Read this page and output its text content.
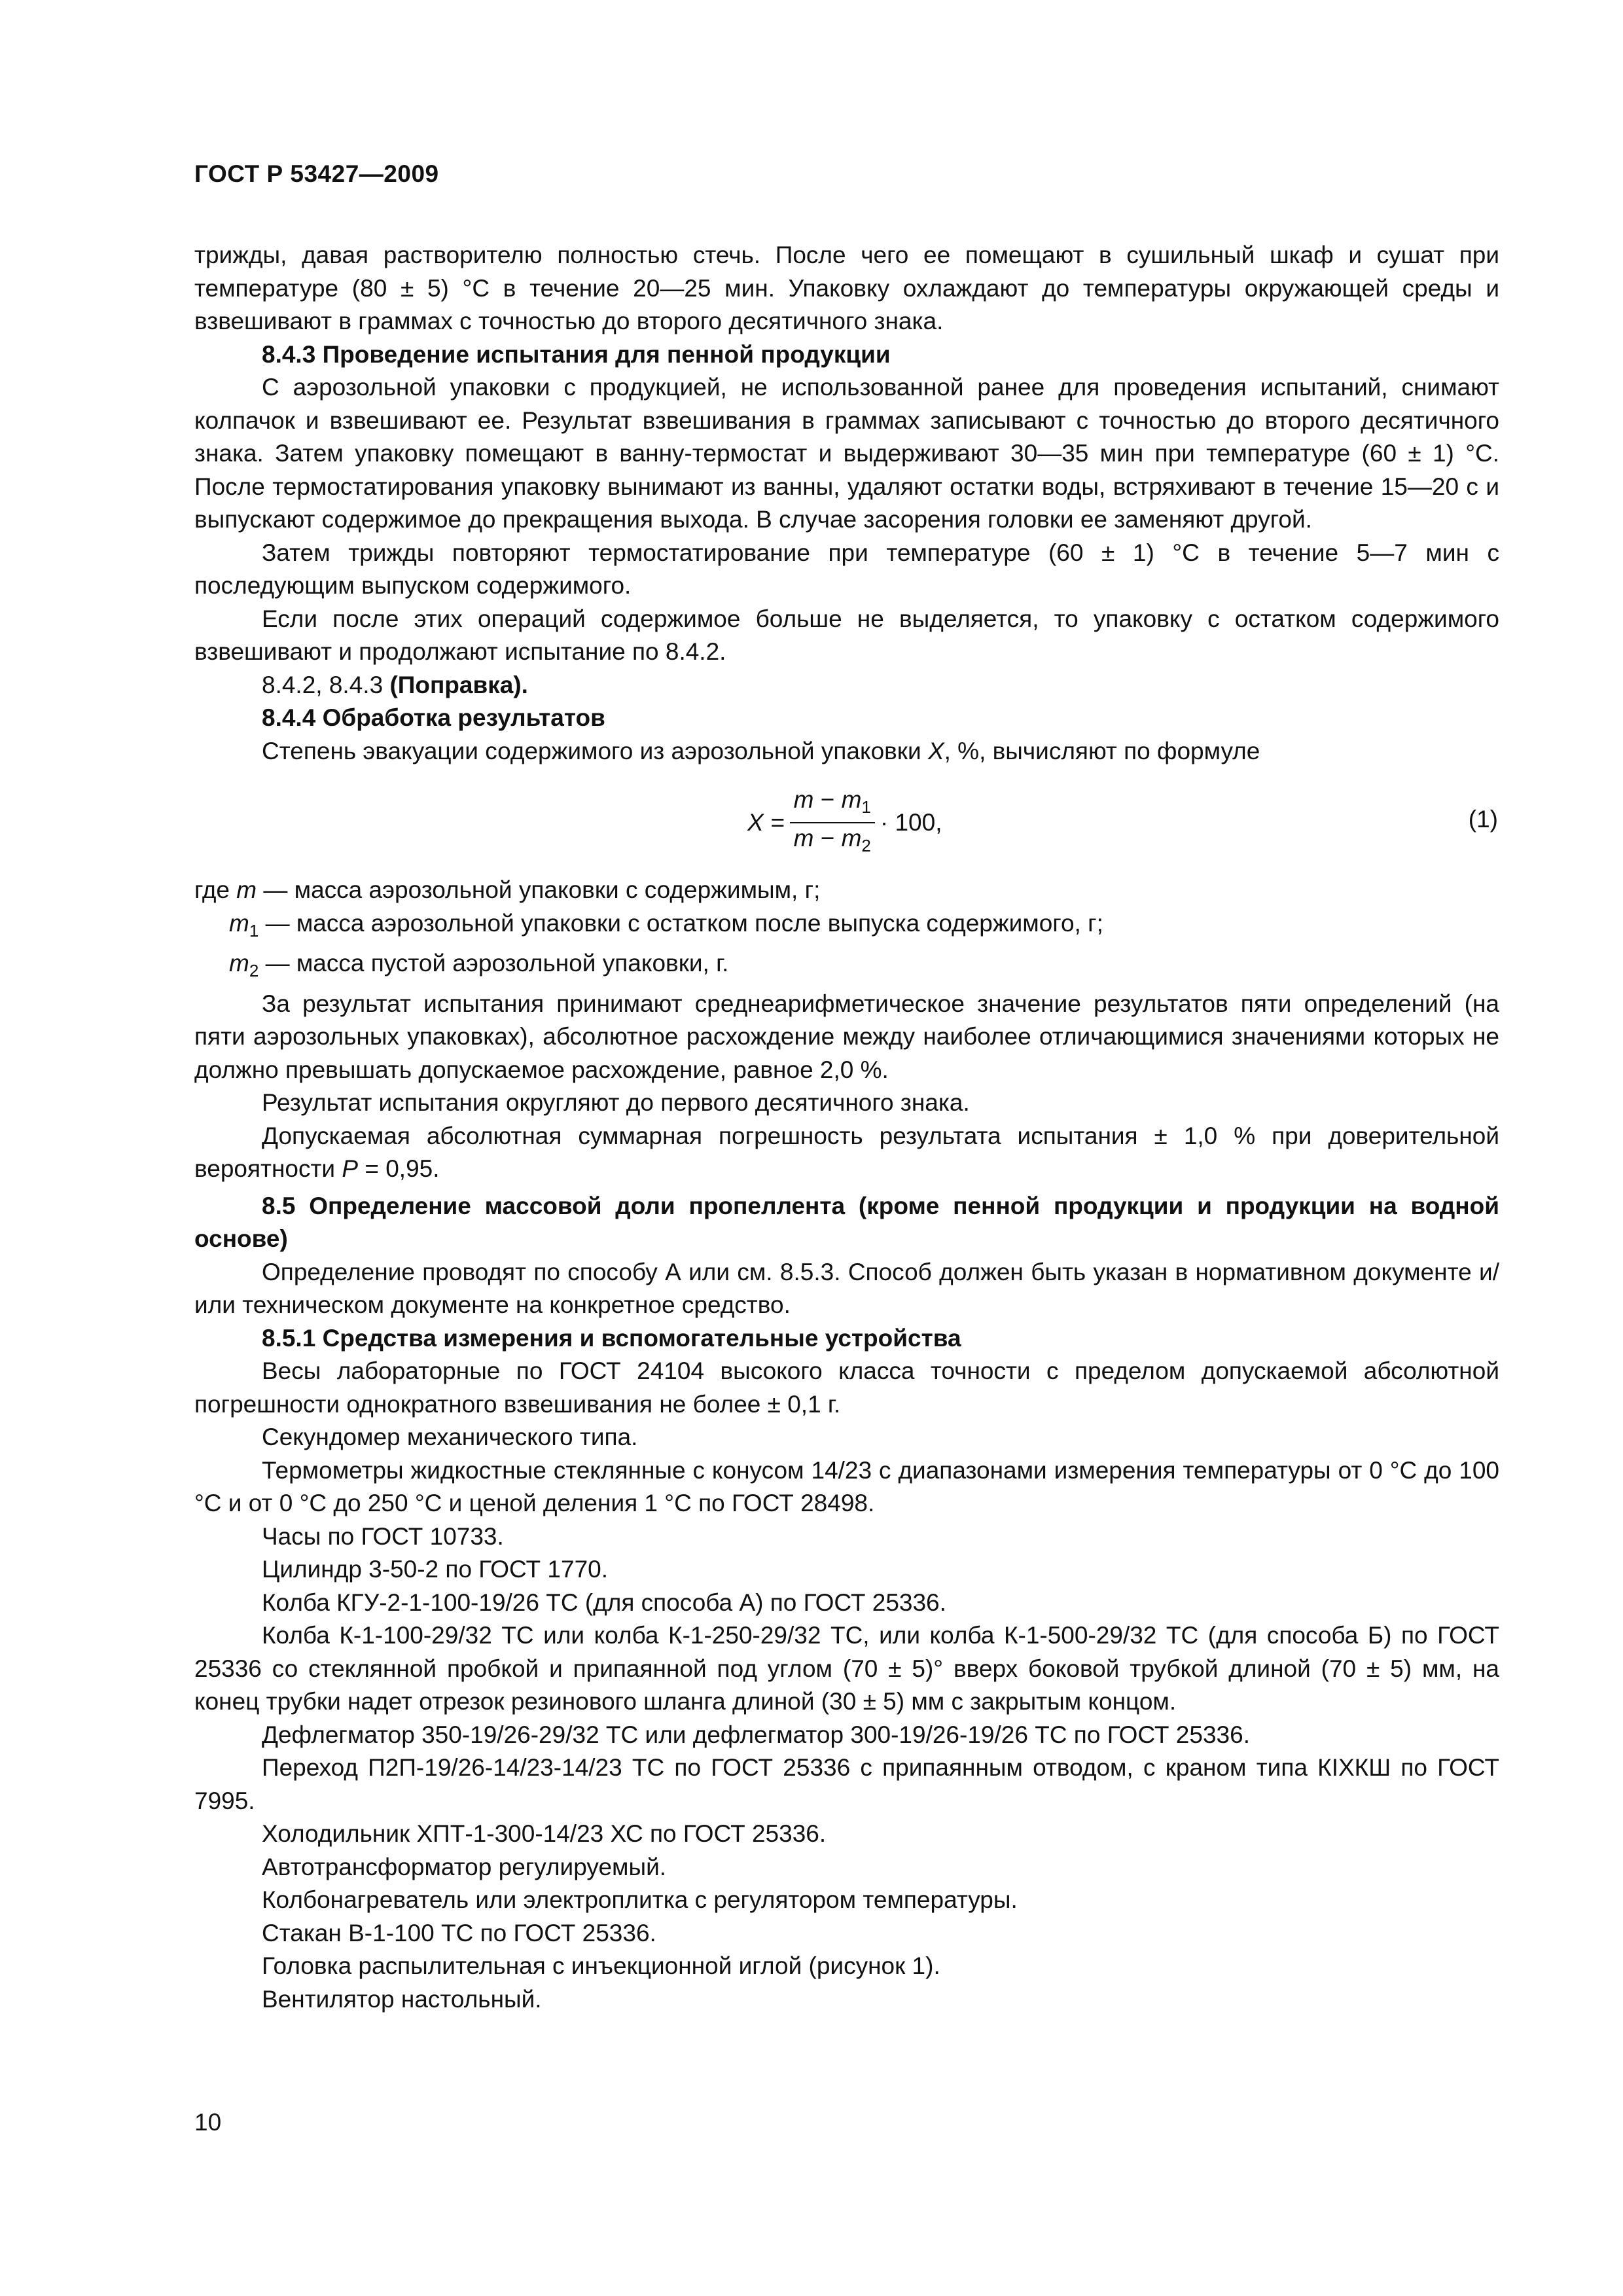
ГОСТ Р 53427—2009

трижды, давая растворителю полностью стечь. После чего ее помещают в сушильный шкаф и сушат при температуре (80 ± 5) °C в течение 20—25 мин. Упаковку охлаждают до температуры окружающей среды и взвешивают в граммах с точностью до второго десятичного знака.

8.4.3 Проведение испытания для пенной продукции

С аэрозольной упаковки с продукцией, не использованной ранее для проведения испытаний, снимают колпачок и взвешивают ее. Результат взвешивания в граммах записывают с точностью до второго десятичного знака. Затем упаковку помещают в ванну-термостат и выдерживают 30—35 мин при температуре (60 ± 1) °C. После термостатирования упаковку вынимают из ванны, удаляют остатки воды, встряхивают в течение 15—20 с и выпускают содержимое до прекращения выхода. В случае засорения головки ее заменяют другой.

Затем трижды повторяют термостатирование при температуре (60 ± 1) °C в течение 5—7 мин с последующим выпуском содержимого.

Если после этих операций содержимое больше не выделяется, то упаковку с остатком содержимого взвешивают и продолжают испытание по 8.4.2.

8.4.2, 8.4.3 (Поправка).

8.4.4 Обработка результатов

Степень эвакуации содержимого из аэрозольной упаковки X, %, вычисляют по формуле

$X = \frac{m - m_1}{m - m_2} \cdot 100$,	(1)

где m — масса аэрозольной упаковки с содержимым, г;

$m_1$ — масса аэрозольной упаковки с остатком после выпуска содержимого, г;

$m_2$ — масса пустой аэрозольной упаковки, г.

За результат испытания принимают среднеарифметическое значение результатов пяти определений (на пяти аэрозольных упаковках), абсолютное расхождение между наиболее отличающимися значениями которых не должно превышать допускаемое расхождение, равное 2,0 %.

Результат испытания округляют до первого десятичного знака.

Допускаемая абсолютная суммарная погрешность результата испытания ± 1,0 % при доверительной вероятности P = 0,95.

8.5 Определение массовой доли пропеллента (кроме пенной продукции и продукции на водной основе)

Определение проводят по способу А или см. 8.5.3. Способ должен быть указан в нормативном документе и/или техническом документе на конкретное средство.

8.5.1 Средства измерения и вспомогательные устройства

Весы лабораторные по ГОСТ 24104 высокого класса точности с пределом допускаемой абсолютной погрешности однократного взвешивания не более ± 0,1 г.

Секундомер механического типа.

Термометры жидкостные стеклянные с конусом 14/23 с диапазонами измерения температуры от 0 °C до 100 °C и от 0 °C до 250 °C и ценой деления 1 °C по ГОСТ 28498.

Часы по ГОСТ 10733.

Цилиндр 3-50-2 по ГОСТ 1770.

Колба КГУ-2-1-100-19/26 ТС (для способа А) по ГОСТ 25336.

Колба К-1-100-29/32 ТС или колба К-1-250-29/32 ТС, или колба К-1-500-29/32 ТС (для способа Б) по ГОСТ 25336 со стеклянной пробкой и припаянной под углом (70 ± 5)° вверх боковой трубкой длиной (70 ± 5) мм, на конец трубки надет отрезок резинового шланга длиной (30 ± 5) мм с закрытым концом.

Дефлегматор 350-19/26-29/32 ТС или дефлегматор 300-19/26-19/26 ТС по ГОСТ 25336.

Переход П2П-19/26-14/23-14/23 ТС по ГОСТ 25336 с припаянным отводом, с краном типа КIХКШ по ГОСТ 7995.

Холодильник ХПТ-1-300-14/23 ХС по ГОСТ 25336.

Автотрансформатор регулируемый.

Колбонагреватель или электроплитка с регулятором температуры.

Стакан В-1-100 ТС по ГОСТ 25336.

Головка распылительная с инъекционной иглой (рисунок 1).

Вентилятор настольный.

10
